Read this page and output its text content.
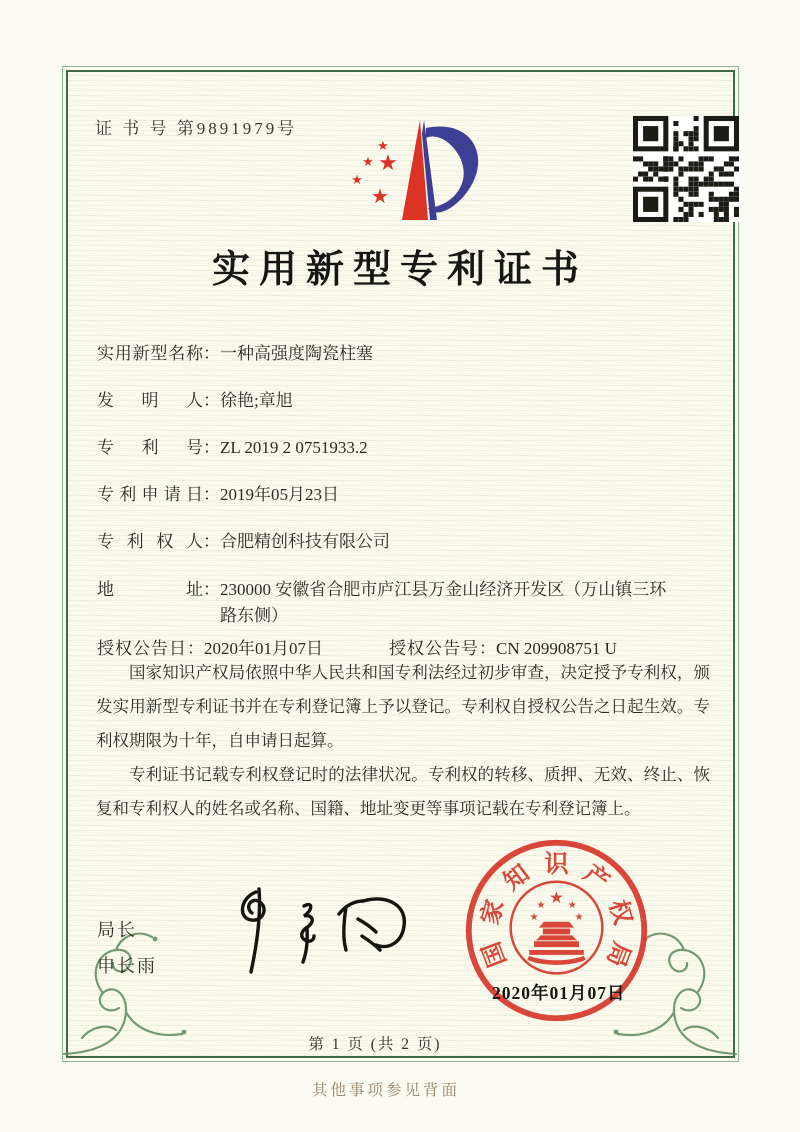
证 书 号 第9891979号
★
★
★
★
★
实用新型专利证书
实用新型名称 ： 一种高强度陶瓷柱塞
发明人 ： 徐艳;章旭
专利号 ： ZL 2019 2 0751933.2
专利申请日 ： 2019年05月23日
专利权人 ： 合肥精创科技有限公司
地址 ： 230000 安徽省合肥市庐江县万金山经济开发区（万山镇三环路东侧）
授权公告日 ： 2020年01月07日	授权公告号 ： CN 209908751 U

国家知识产权局依照中华人民共和国专利法经过初步审查，决定授予专利权，颁发实用新型专利证书并在专利登记簿上予以登记。专利权自授权公告之日起生效。专利权期限为十年，自申请日起算。

专利证书记载专利权登记时的法律状况。专利权的转移、质押、无效、终止、恢复和专利权人的姓名或名称、国籍、地址变更等事项记载在专利登记簿上。

局长
申长雨	国
家
知 识 产
权
局
★
★ ★
★	★
2020年01月07日
第 1 页 (共 2 页)
其他事项参见背面
